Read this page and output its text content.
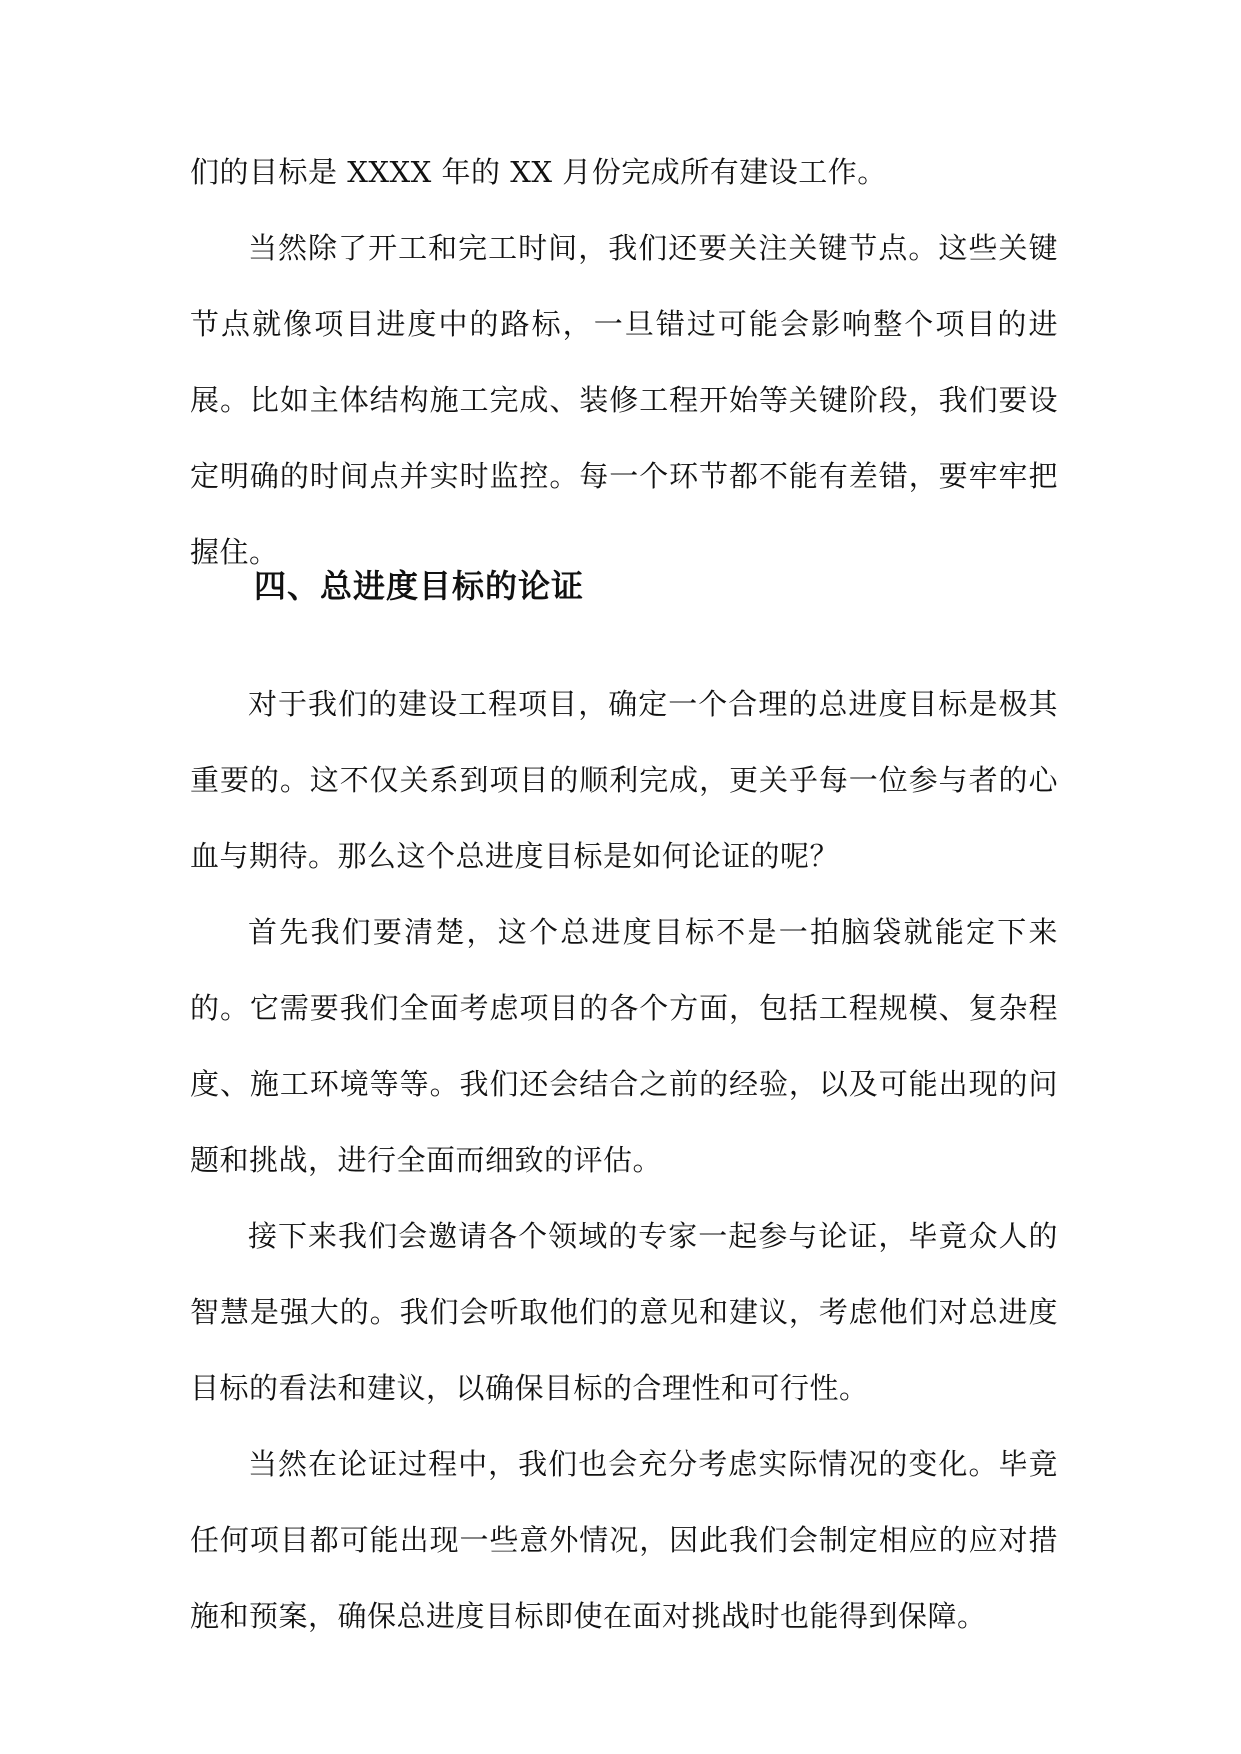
们的目标是 XXXX 年的 XX 月份完成所有建设工作。

当然除了开工和完工时间，我们还要关注关键节点。这些关键节点就像项目进度中的路标，一旦错过可能会影响整个项目的进展。比如主体结构施工完成、装修工程开始等关键阶段，我们要设定明确的时间点并实时监控。每一个环节都不能有差错，要牢牢把握住。

四、总进度目标的论证

对于我们的建设工程项目，确定一个合理的总进度目标是极其重要的。这不仅关系到项目的顺利完成，更关乎每一位参与者的心血与期待。那么这个总进度目标是如何论证的呢？

首先我们要清楚，这个总进度目标不是一拍脑袋就能定下来的。它需要我们全面考虑项目的各个方面，包括工程规模、复杂程度、施工环境等等。我们还会结合之前的经验，以及可能出现的问题和挑战，进行全面而细致的评估。

接下来我们会邀请各个领域的专家一起参与论证，毕竟众人的智慧是强大的。我们会听取他们的意见和建议，考虑他们对总进度目标的看法和建议，以确保目标的合理性和可行性。

当然在论证过程中，我们也会充分考虑实际情况的变化。毕竟任何项目都可能出现一些意外情况，因此我们会制定相应的应对措施和预案，确保总进度目标即使在面对挑战时也能得到保障。
